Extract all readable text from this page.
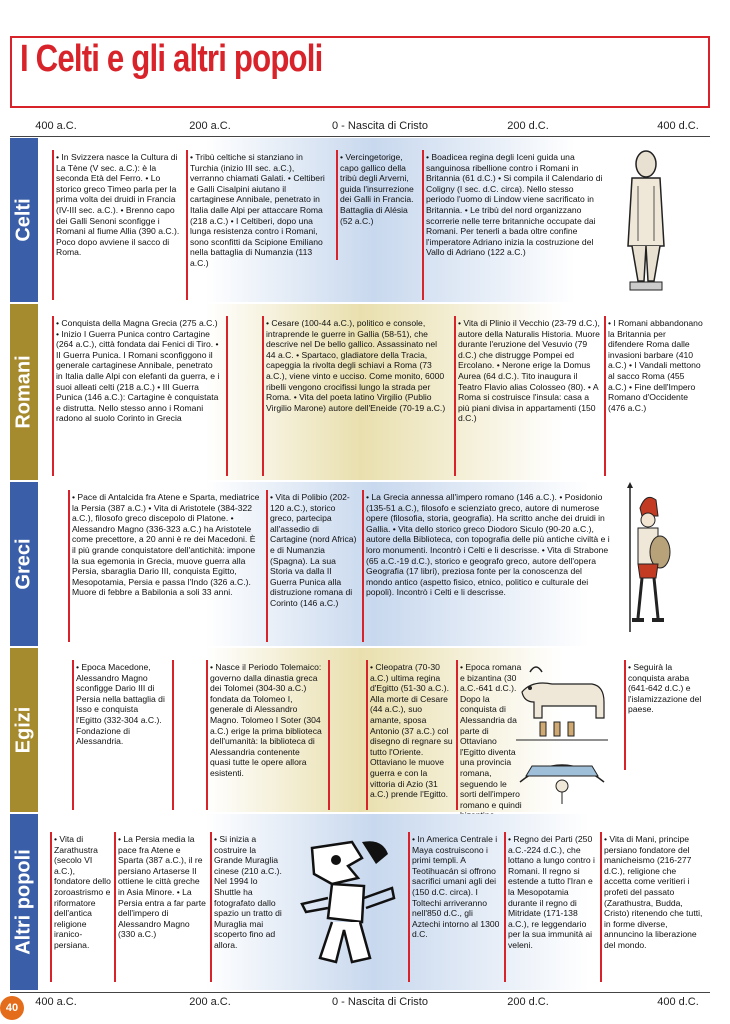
I Celti e gli altri popoli
400 a.C.	200 a.C.	0 - Nascita di Cristo	200 d.C.	400 d.C.
Celti
• In Svizzera nasce la Cultura di La Tène (V sec. a.C.): è la seconda Età del Ferro. • Lo storico greco Timeo parla per la prima volta dei druidi in Francia (IV-III sec. a.C.). • Brenno capo dei Galli Senoni sconfigge i Romani al fiume Allia (390 a.C.). Poco dopo avviene il sacco di Roma.
• Tribù celtiche si stanziano in Turchia (inizio III sec. a.C.), verranno chiamati Galati. • Celtiberi e Galli Cisalpini aiutano il cartaginese Annibale, penetrato in Italia dalle Alpi per attaccare Roma (218 a.C.) • I Celtiberi, dopo una lunga resistenza contro i Romani, sono sconfitti da Scipione Emiliano nella battaglia di Numanzia (113 a.C.)
• Vercingetorige, capo gallico della tribù degli Arverni, guida l'insurrezione dei Galli in Francia. Battaglia di Alésia (52 a.C.)
• Boadicea regina degli Iceni guida una sanguinosa ribellione contro i Romani in Britannia (61 d.C.) • Si compila il Calendario di Coligny (I sec. d.C. circa). Nello stesso periodo l'uomo di Lindow viene sacrificato in Britannia. • Le tribù del nord organizzano scorrerie nelle terre britanniche occupate dai Romani. Per tenerli a bada oltre confine l'imperatore Adriano inizia la costruzione del Vallo di Adriano (122 a.C.)
Romani
• Conquista della Magna Grecia (275 a.C.) • Inizio I Guerra Punica contro Cartagine (264 a.C.), città fondata dai Fenici di Tiro. • II Guerra Punica. I Romani sconfiggono il generale cartaginese Annibale, penetrato in Italia dalle Alpi con elefanti da guerra, e i suoi alleati celti (218 a.C.) • III Guerra Punica (146 a.C.): Cartagine è conquistata e distrutta. Nello stesso anno i Romani radono al suolo Corinto in Grecia
• Cesare (100-44 a.C.), politico e console, intraprende le guerre in Gallia (58-51), che descrive nel De bello gallico. Assassinato nel 44 a.C. • Spartaco, gladiatore della Tracia, capeggia la rivolta degli schiavi a Roma (73 a.C.), viene vinto e ucciso. Come monito, 6000 ribelli vengono crocifissi lungo la strada per Roma. • Vita del poeta latino Virgilio (Publio Virgilio Marone) autore dell'Eneide (70-19 a.C.)
• Vita di Plinio il Vecchio (23-79 d.C.), autore della Naturalis Historia. Muore durante l'eruzione del Vesuvio (79 d.C.) che distrugge Pompei ed Ercolano. • Nerone erige la Domus Aurea (64 d.C.). Tito inaugura il Teatro Flavio alias Colosseo (80). • A Roma si costruisce l'insula: casa a più piani divisa in appartamenti (150 d.C.)
• I Romani abbandonano la Britannia per difendere Roma dalle invasioni barbare (410 a.C.) • I Vandali mettono al sacco Roma (455 a.C.) • Fine dell'Impero Romano d'Occidente (476 a.C.)
Greci
• Pace di Antalcida fra Atene e Sparta, mediatrice la Persia (387 a.C.) • Vita di Aristotele (384-322 a.C.), filosofo greco discepolo di Platone. • Alessandro Magno (336-323 a.C.) ha Aristotele come precettore, a 20 anni è re dei Macedoni. È il più grande conquistatore dell'antichità: impone la sua egemonia in Grecia, muove guerra alla Persia, sbaraglia Dario III, conquista Egitto, Mesopotamia, Persia e passa l'Indo (326 a.C.). Muore di febbre a Babilonia a soli 33 anni.
• Vita di Polibio (202-120 a.C.), storico greco, partecipa all'assedio di Cartagine (nord Africa) e di Numanzia (Spagna). La sua Storia va dalla II Guerra Punica alla distruzione romana di Corinto (146 a.C.)
• La Grecia annessa all'impero romano (146 a.C.). • Posidonio (135-51 a.C.), filosofo e scienziato greco, autore di numerose opere (filosofia, storia, geografia). Ha scritto anche dei druidi in Gallia. • Vita dello storico greco Diodoro Siculo (90-20 a.C.), autore della Biblioteca, con topografia delle più antiche civiltà e i loro monumenti. Incontrò i Celti e li descrisse. • Vita di Strabone (65 a.C.-19 d.C.), storico e geografo greco, autore dell'opera Geografia (17 libri), preziosa fonte per la conoscenza del mondo antico (aspetto fisico, etnico, politico e culturale dei popoli). Incontrò i Celti e li descrisse.
Egizi
• Epoca Macedone, Alessandro Magno sconfigge Dario III di Persia nella battaglia di Isso e conquista l'Egitto (332-304 a.C.). Fondazione di Alessandria.
• Nasce il Periodo Tolemaico: governo dalla dinastia greca dei Tolomei (304-30 a.C.) fondata da Tolomeo I, generale di Alessandro Magno. Tolomeo I Soter (304 a.C.) erige la prima biblioteca dell'umanità: la biblioteca di Alessandria contenente quasi tutte le opere allora esistenti.
• Cleopatra (70-30 a.C.) ultima regina d'Egitto (51-30 a.C.). Alla morte di Cesare (44 a.C.), suo amante, sposa Antonio (37 a.C.) col disegno di regnare su tutto l'Oriente. Ottaviano le muove guerra e con la vittoria di Azio (31 a.C.) prende l'Egitto.
• Epoca romana e bizantina (30 a.C.-641 d.C.). Dopo la conquista di Alessandria da parte di Ottaviano l'Egitto diventa una provincia romana, seguendo le sorti dell'impero romano e quindi
• Seguirà la conquista araba (641-642 d.C.) e l'islamizzazione del paese.
Altri popoli
• Vita di Zarathustra (secolo VI a.C.), fondatore dello zoroastrismo e riformatore dell'antica religione iranico-persiana.
• La Persia media la pace fra Atene e Sparta (387 a.C.), il re persiano Artaserse II ottiene le città greche in Asia Minore. • La Persia entra a far parte dell'impero di Alessandro Magno (330 a.C.)
• Si inizia a costruire la Grande Muraglia cinese (210 a.C.). Nel 1994 lo Shuttle ha fotografato dallo spazio un tratto di Muraglia mai scoperto fino ad allora.
• In America Centrale i Maya costruiscono i primi templi. A Teotihuacán si offrono sacrifici umani agli dei (150 d.C. circa). I Toltechi arriveranno nell'850 d.C., gli Aztechi intorno al 1300 d.C.
• Regno dei Parti (250 a.C.-224 d.C.), che lottano a lungo contro i Romani. Il regno si estende a tutto l'Iran e la Mesopotamia durante il regno di Mitridate (171-138 a.C.), re leggendario per la sua immunità ai veleni.
• Vita di Mani, principe persiano fondatore del manicheismo (216-277 d.C.), religione che accetta come veritieri i profeti del passato (Zarathustra, Budda, Cristo) ritenendo che tutti, in forme diverse, annuncino la liberazione del mondo.
400 a.C.	200 a.C.	0 - Nascita di Cristo	200 d.C.	400 d.C.
40
